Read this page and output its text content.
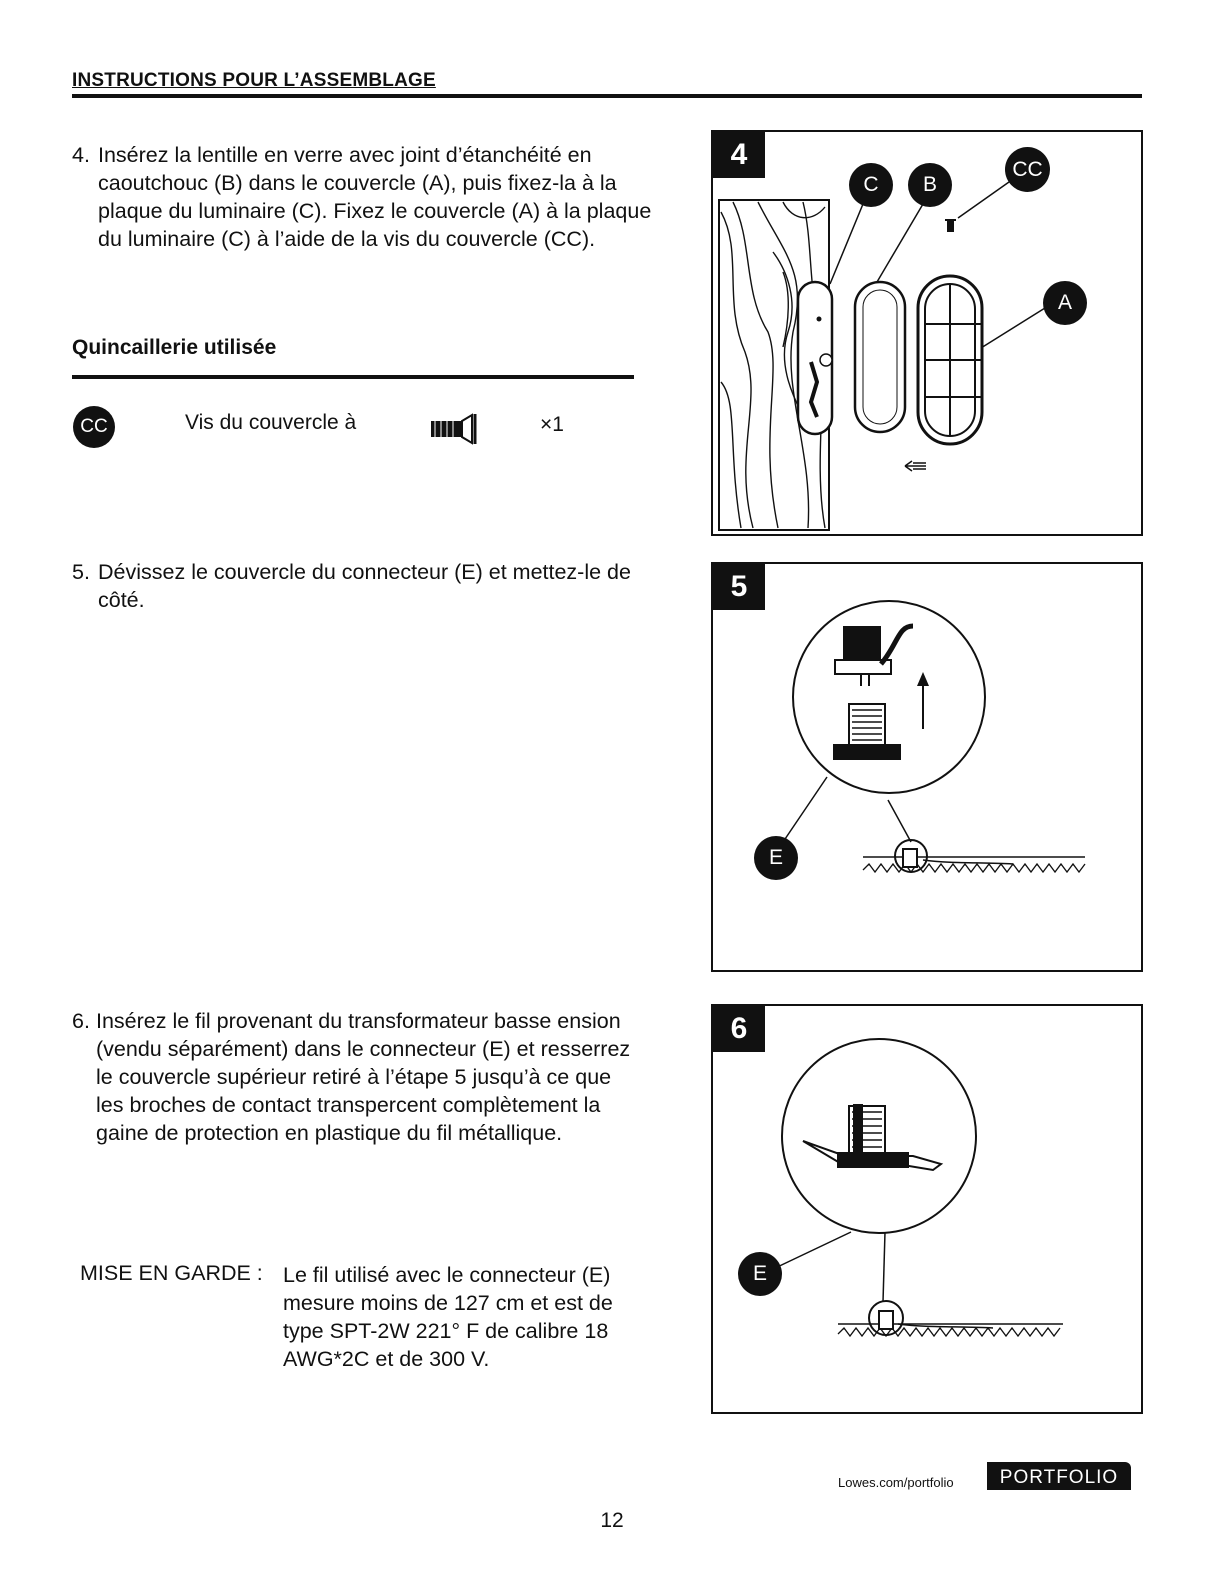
INSTRUCTIONS POUR L’ASSEMBLAGE
4. Insérez la lentille en verre avec joint d’étanchéité en caoutchouc (B) dans le couvercle (A), puis fixez-la à la plaque du luminaire (C). Fixez le couvercle (A) à la plaque du luminaire (C) à l’aide de la vis du couvercle (CC).
Quincaillerie utilisée
CC	Vis du couvercle à	×1
5. Dévissez le couvercle du connecteur (E) et mettez-le de côté.
6. Insérez le fil provenant du transformateur basse ension (vendu séparément) dans le connecteur (E) et resserrez le couvercle supérieur retiré à l’étape 5 jusqu’à ce que les broches de contact transpercent complètement la gaine de protection en plastique du fil métallique.
MISE EN GARDE : Le fil utilisé avec le connecteur (E) mesure moins de 127 cm et est de type SPT-2W 221° F de calibre 18 AWG*2C et de 300 V.
4
C	B
CC
A
5
E
6
E
Lowes.com/portfolio	PORTFOLIO
12
